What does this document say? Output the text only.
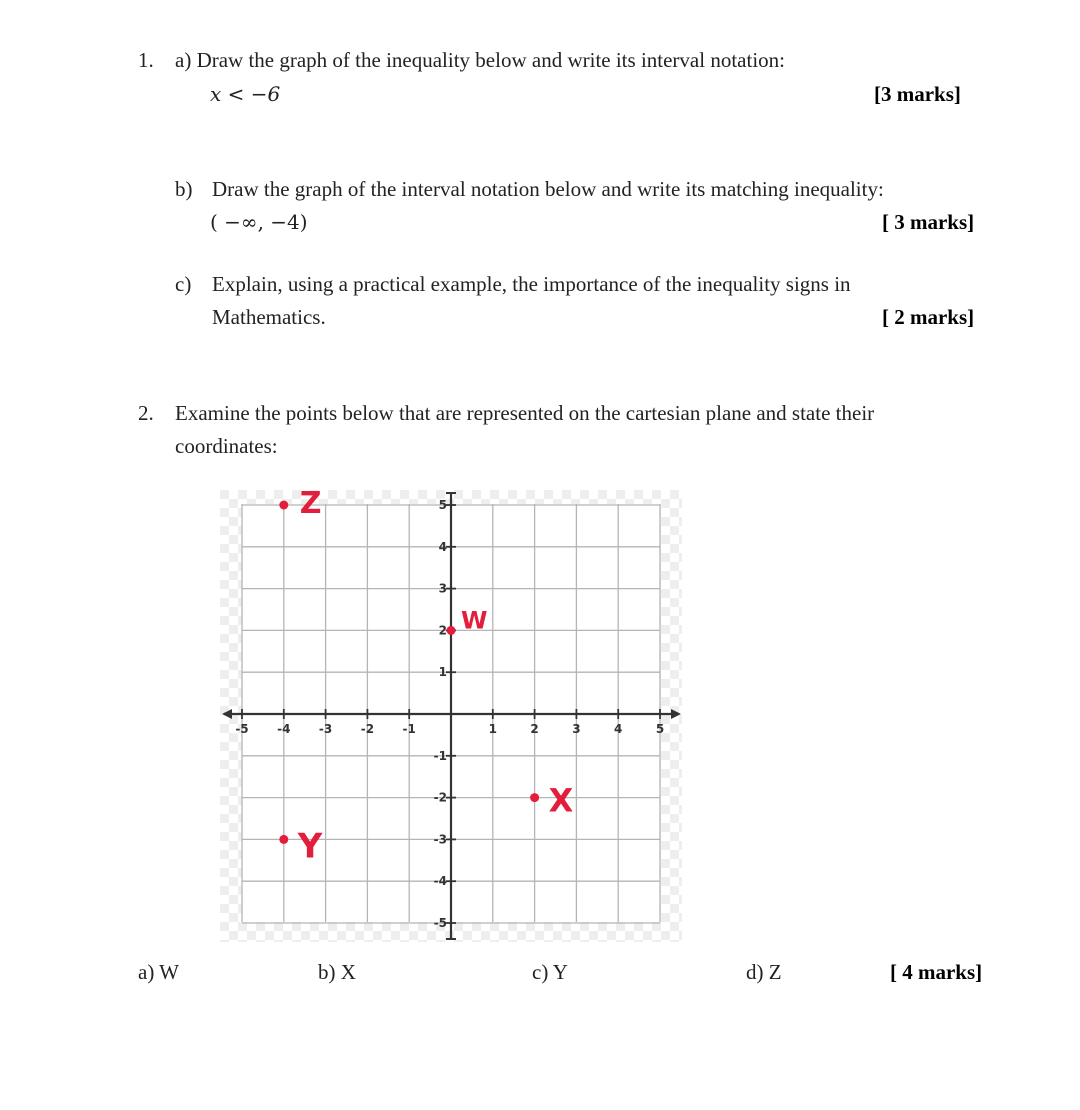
1. a) Draw the graph of the inequality below and write its interval notation:
x < −6	[3 marks]
b) Draw the graph of the interval notation below and write its matching inequality:
( −∞, −4)	[ 3 marks]
c) Explain, using a practical example, the importance of the inequality signs in
Mathematics.	[ 2 marks]
2. Examine the points below that are represented on the cartesian plane and state their
coordinates:
-5 -4 -3 -2 -1	1	2	3	4	5
5
4
3
2
1
-1
-2
-3
-4
-5
Z
W
X
Y
a) W	b) X	c) Y	d) Z	[ 4 marks]
